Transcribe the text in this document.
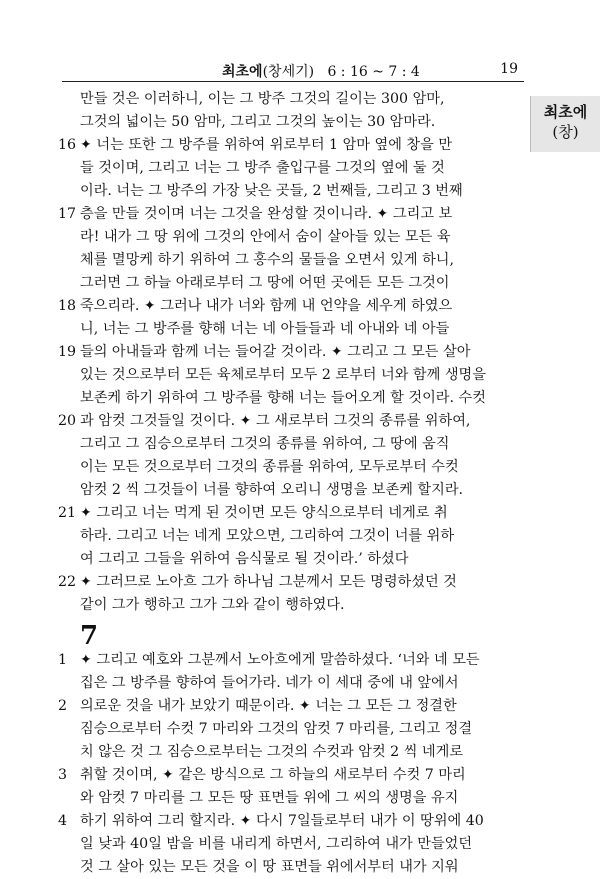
최초에(창세기) 6 : 16 ~ 7 : 4	19
최초에
(창)
만들 것은 이러하니, 이는 그 방주 그것의 길이는 300 암마,
그것의 넓이는 50 암마, 그리고 그것의 높이는 30 암마라.
16 ✦ 너는 또한 그 방주를 위하여 위로부터 1 암마 옆에 창을 만
들 것이며, 그리고 너는 그 방주 출입구를 그것의 옆에 둘 것
이라. 너는 그 방주의 가장 낮은 곳들, 2 번째들, 그리고 3 번째
17 층을 만들 것이며 너는 그것을 완성할 것이니라. ✦ 그리고 보
라! 내가 그 땅 위에 그것의 안에서 숨이 살아들 있는 모든 육
체를 멸망케 하기 위하여 그 홍수의 물들을 오면서 있게 하니,
그러면 그 하늘 아래로부터 그 땅에 어떤 곳에든 모든 그것이
18 죽으리라. ✦ 그러나 내가 너와 함께 내 언약을 세우게 하였으
니, 너는 그 방주를 향해 너는 네 아들들과 네 아내와 네 아들
19 들의 아내들과 함께 너는 들어갈 것이라. ✦ 그리고 그 모든 살아
있는 것으로부터 모든 육체로부터 모두 2 로부터 너와 함께 생명을
보존케 하기 위하여 그 방주를 향해 너는 들어오게 할 것이라. 수컷
20 과 암컷 그것들일 것이다. ✦ 그 새로부터 그것의 종류를 위하여,
그리고 그 짐승으로부터 그것의 종류를 위하여, 그 땅에 움직
이는 모든 것으로부터 그것의 종류를 위하여, 모두로부터 수컷
암컷 2 씩 그것들이 너를 향하여 오리니 생명을 보존케 할지라.
21 ✦ 그리고 너는 먹게 된 것이면 모든 양식으로부터 네게로 취
하라. 그리고 너는 네게 모았으면, 그리하여 그것이 너를 위하
여 그리고 그들을 위하여 음식물로 될 것이라.’ 하셨다
22 ✦ 그러므로 노아흐 그가 하나님 그분께서 모든 명령하셨던 것
같이 그가 행하고 그가 그와 같이 행하였다.
7
1 ✦ 그리고 예호와 그분께서 노아흐에게 말씀하셨다. ‘너와 네 모든
집은 그 방주를 향하여 들어가라. 네가 이 세대 중에 내 앞에서
2 의로운 것을 내가 보았기 때문이라. ✦ 너는 그 모든 그 정결한
짐승으로부터 수컷 7 마리와 그것의 암컷 7 마리를, 그리고 정결
치 않은 것 그 짐승으로부터는 그것의 수컷과 암컷 2 씩 네게로
3 취할 것이며, ✦ 같은 방식으로 그 하늘의 새로부터 수컷 7 마리
와 암컷 7 마리를 그 모든 땅 표면들 위에 그 씨의 생명을 유지
4 하기 위하여 그리 할지라. ✦ 다시 7일들로부터 내가 이 땅위에 40
일 낮과 40일 밤을 비를 내리게 하면서, 그리하여 내가 만들었던
것 그 살아 있는 모든 것을 이 땅 표면들 위에서부터 내가 지워
